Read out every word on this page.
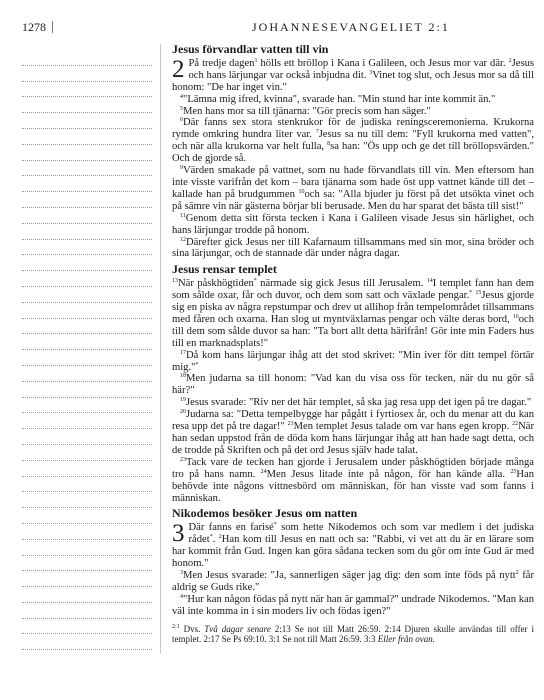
1278	JOHANNESEVANGELIET 2:1
Jesus förvandlar vatten till vin

2 På tredje dagen$^1$ hölls ett bröllop i Kana i Galileen, och Jesus mor var där. $^2$Jesus och hans lärjungar var också inbjudna dit. $^3$Vinet tog slut, och Jesus mor sa då till honom: "De har inget vin."

$^4$"Lämna mig ifred, kvinna", svarade han. "Min stund har inte kommit än."

$^5$Men hans mor sa till tjänarna: "Gör precis som han säger."

$^6$Där fanns sex stora stenkrukor för de judiska reningsceremonierna. Krukorna rymde omkring hundra liter var. $^7$Jesus sa nu till dem: "Fyll krukorna med vatten", och när alla krukorna var helt fulla, $^8$sa han: "Ös upp och ge det till bröllopsvärden." Och de gjorde så.

$^9$Värden smakade på vattnet, som nu hade förvandlats till vin. Men eftersom han inte visste varifrån det kom – bara tjänarna som hade öst upp vattnet kände till det – kallade han på brudgummen $^{10}$och sa: "Alla bjuder ju först på det utsökta vinet och på sämre vin när gästerna börjar bli berusade. Men du har sparat det bästa till sist!"

$^{11}$Genom detta sitt första tecken i Kana i Galileen visade Jesus sin härlighet, och hans lärjungar trodde på honom.

$^{12}$Därefter gick Jesus ner till Kafarnaum tillsammans med sin mor, sina bröder och sina lärjungar, och de stannade där under några dagar.

Jesus rensar templet

$^{13}$När påskhögtiden* närmade sig gick Jesus till Jerusalem. $^{14}$I templet fann han dem som sålde oxar, får och duvor, och dem som satt och växlade pengar.* $^{15}$Jesus gjorde sig en piska av några repstumpar och drev ut allihop från tempelområdet tillsammans med fåren och oxarna. Han slog ut myntväxlarnas pengar och välte deras bord, $^{16}$och till dem som sålde duvor sa han: "Ta bort allt detta härifrån! Gör inte min Faders hus till en marknadsplats!"

$^{17}$Då kom hans lärjungar ihåg att det stod skrivet: "Min iver för ditt tempel förtär mig."*

$^{18}$Men judarna sa till honom: "Vad kan du visa oss för tecken, när du nu gör så här?"

$^{19}$Jesus svarade: "Riv ner det här templet, så ska jag resa upp det igen på tre dagar."

$^{20}$Judarna sa: "Detta tempelbygge har pågått i fyrtiosex år, och du menar att du kan resa upp det på tre dagar!" $^{21}$Men templet Jesus talade om var hans egen kropp. $^{22}$När han sedan uppstod från de döda kom hans lärjungar ihåg att han hade sagt detta, och de trodde på Skriften och på det ord Jesus själv hade talat.

$^{23}$Tack vare de tecken han gjorde i Jerusalem under påskhögtiden började många tro på hans namn. $^{24}$Men Jesus litade inte på någon, för han kände alla. $^{25}$Han behövde inte någons vittnesbörd om människan, för han visste vad som fanns i människan.

Nikodemos besöker Jesus om natten

3 Där fanns en farisé* som hette Nikodemos och som var medlem i det judiska rådet*. $^2$Han kom till Jesus en natt och sa: "Rabbi, vi vet att du är en lärare som har kommit från Gud. Ingen kan göra sådana tecken som du gör om inte Gud är med honom."

$^3$Men Jesus svarade: "Ja, sannerligen säger jag dig: den som inte föds på nytt$^2$ får aldrig se Guds rike."

$^4$"Hur kan någon födas på nytt när han är gammal?" undrade Nikodemos. "Man kan väl inte komma in i sin moders liv och födas igen?"

$^{2:1}$ Dvs. Två dagar senare 2:13 Se not till Matt 26:59. 2:14 Djuren skulle användas till offer i templet. 2:17 Se Ps 69:10. 3:1 Se not till Matt 26:59. 3:3 Eller från ovan.
